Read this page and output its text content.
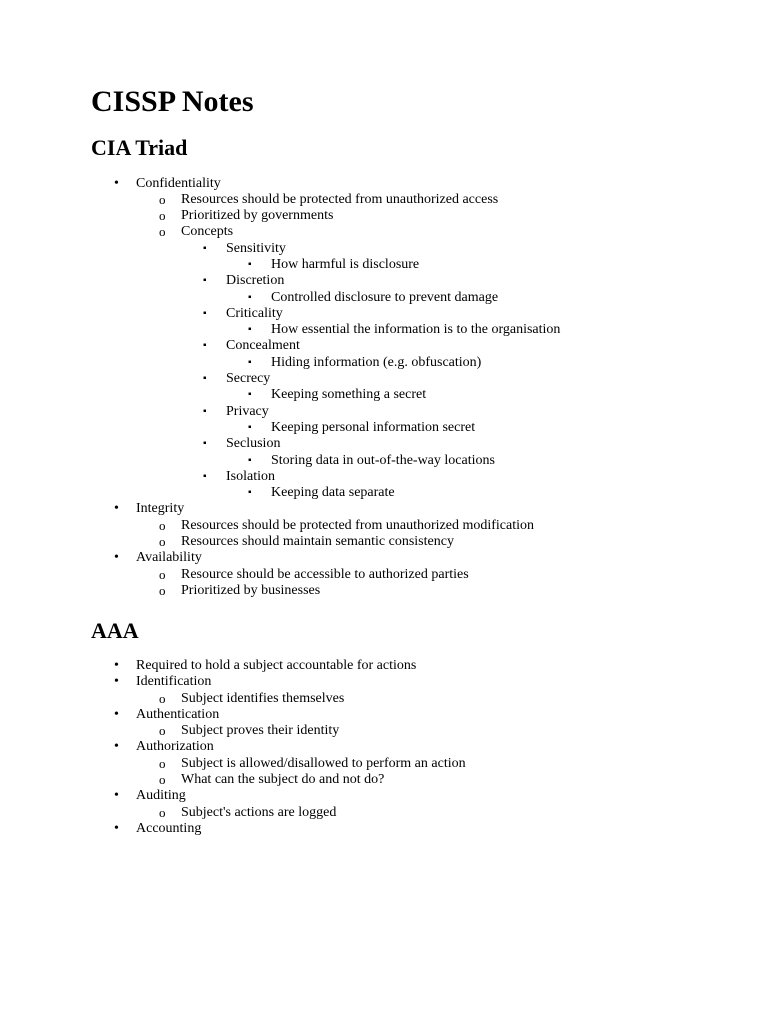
CISSP Notes
CIA Triad
• Confidentiality
o Resources should be protected from unauthorized access
o Prioritized by governments
o Concepts
▪ Sensitivity
▪ How harmful is disclosure
▪ Discretion
▪ Controlled disclosure to prevent damage
▪ Criticality
▪ How essential the information is to the organisation
▪ Concealment
▪ Hiding information (e.g. obfuscation)
▪ Secrecy
▪ Keeping something a secret
▪ Privacy
▪ Keeping personal information secret
▪ Seclusion
▪ Storing data in out-of-the-way locations
▪ Isolation
▪ Keeping data separate
• Integrity
o Resources should be protected from unauthorized modification
o Resources should maintain semantic consistency
• Availability
o Resource should be accessible to authorized parties
o Prioritized by businesses
AAA
• Required to hold a subject accountable for actions
• Identification
o Subject identifies themselves
• Authentication
o Subject proves their identity
• Authorization
o Subject is allowed/disallowed to perform an action
o What can the subject do and not do?
• Auditing
o Subject's actions are logged
• Accounting
